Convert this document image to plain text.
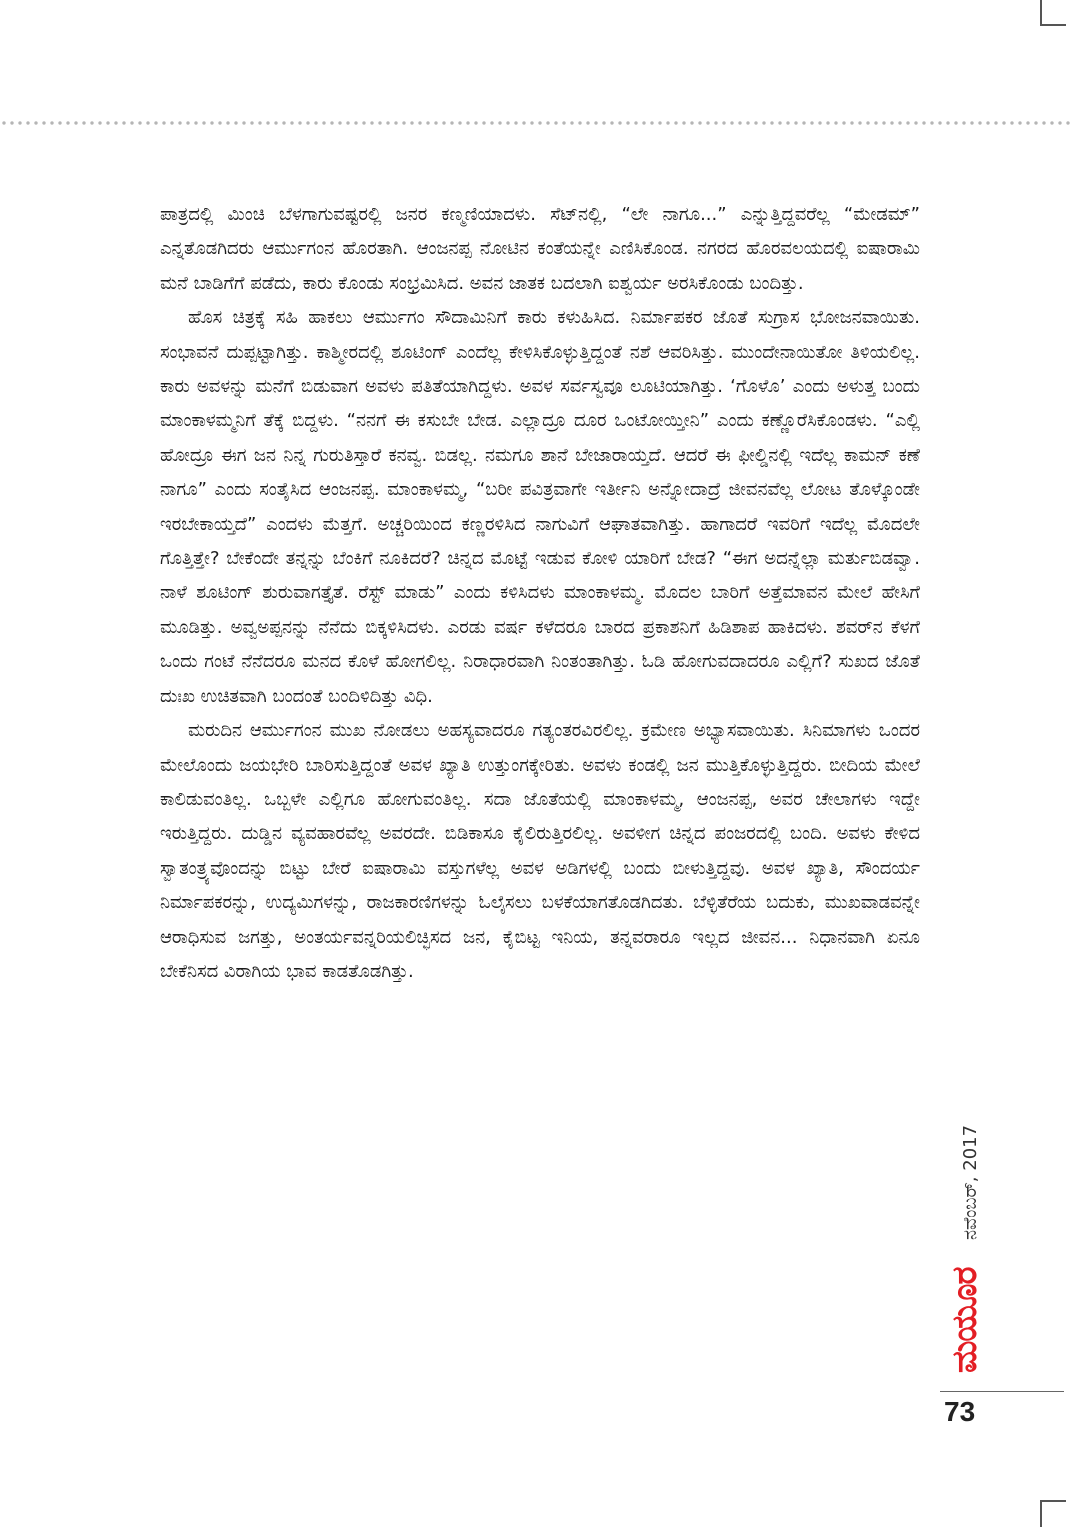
ಪಾತ್ರದಲ್ಲಿ ಮಿಂಚಿ ಬೆಳಗಾಗುವಷ್ಟರಲ್ಲಿ ಜನರ ಕಣ್ಮಣಿಯಾದಳು. ಸೆಟ್‌ನಲ್ಲಿ, “ಲೇ ನಾಗೂ...” ಎನ್ನುತ್ತಿದ್ದವರೆಲ್ಲ “ಮೇಡಮ್” ಎನ್ನತೊಡಗಿದರು ಆರ್ಮುಗಂನ ಹೊರತಾಗಿ. ಆಂಜನಪ್ಪ ನೋಟಿನ ಕಂತೆಯನ್ನೇ ಎಣಿಸಿಕೊಂಡ. ನಗರದ ಹೊರವಲಯದಲ್ಲಿ ಐಷಾರಾಮಿ ಮನೆ ಬಾಡಿಗೆಗೆ ಪಡೆದು, ಕಾರು ಕೊಂಡು ಸಂಭ್ರಮಿಸಿದ. ಅವನ ಜಾತಕ ಬದಲಾಗಿ ಐಶ್ವರ್ಯ ಅರಸಿಕೊಂಡು ಬಂದಿತ್ತು.

ಹೊಸ ಚಿತ್ರಕ್ಕೆ ಸಹಿ ಹಾಕಲು ಆರ್ಮುಗಂ ಸೌದಾಮಿನಿಗೆ ಕಾರು ಕಳುಹಿಸಿದ. ನಿರ್ಮಾಪಕರ ಜೊತೆ ಸುಗ್ರಾಸ ಭೋಜನವಾಯಿತು. ಸಂಭಾವನೆ ದುಪ್ಪಟ್ಟಾಗಿತ್ತು. ಕಾಶ್ಮೀರದಲ್ಲಿ ಶೂಟಿಂಗ್ ಎಂದೆಲ್ಲ ಕೇಳಿಸಿಕೊಳ್ಳುತ್ತಿದ್ದಂತೆ ನಶೆ ಆವರಿಸಿತ್ತು. ಮುಂದೇನಾಯಿತೋ ತಿಳಿಯಲಿಲ್ಲ. ಕಾರು ಅವಳನ್ನು ಮನೆಗೆ ಬಿಡುವಾಗ ಅವಳು ಪತಿತೆಯಾಗಿದ್ದಳು. ಅವಳ ಸರ್ವಸ್ವವೂ ಲೂಟಿಯಾಗಿತ್ತು. ‘ಗೊಳೊ’ ಎಂದು ಅಳುತ್ತ ಬಂದು ಮಾಂಕಾಳಮ್ಮನಿಗೆ ತೆಕ್ಕೆ ಬಿದ್ದಳು. “ನನಗೆ ಈ ಕಸುಬೇ ಬೇಡ. ಎಲ್ಲಾದ್ರೂ ದೂರ ಒಂಟೋಯ್ತೀನಿ” ಎಂದು ಕಣ್ಣೊರೆಸಿಕೊಂಡಳು. “ಎಲ್ಲಿ ಹೋದ್ರೂ ಈಗ ಜನ ನಿನ್ನ ಗುರುತಿಸ್ತಾರೆ ಕನವ್ವ. ಬಿಡಲ್ಲ. ನಮಗೂ ಶಾನೆ ಬೇಜಾರಾಯ್ತದೆ. ಆದರೆ ಈ ಫೀಲ್ಡಿನಲ್ಲಿ ಇದೆಲ್ಲ ಕಾಮನ್ ಕಣೆ ನಾಗೂ” ಎಂದು ಸಂತೈಸಿದ ಆಂಜನಪ್ಪ. ಮಾಂಕಾಳಮ್ಮ, “ಬರೀ ಪವಿತ್ರವಾಗೇ ಇರ್ತೀನಿ ಅನ್ನೋದಾದ್ರೆ ಜೀವನವೆಲ್ಲ ಲೋಟ ತೊಳ್ಕೊಂಡೇ ಇರಬೇಕಾಯ್ತದೆ” ಎಂದಳು ಮೆತ್ತಗೆ. ಅಚ್ಚರಿಯಿಂದ ಕಣ್ಣರಳಿಸಿದ ನಾಗುವಿಗೆ ಆಘಾತವಾಗಿತ್ತು. ಹಾಗಾದರೆ ಇವರಿಗೆ ಇದೆಲ್ಲ ಮೊದಲೇ ಗೊತ್ತಿತ್ತೇ? ಬೇಕೆಂದೇ ತನ್ನನ್ನು ಬೆಂಕಿಗೆ ನೂಕಿದರೆ? ಚಿನ್ನದ ಮೊಟ್ಟೆ ಇಡುವ ಕೋಳಿ ಯಾರಿಗೆ ಬೇಡ? “ಈಗ ಅದನ್ನೆಲ್ಲಾ ಮರ್ತುಬಿಡವ್ವಾ. ನಾಳೆ ಶೂಟಿಂಗ್ ಶುರುವಾಗತ್ತೈತೆ. ರೆಸ್ಟ್ ಮಾಡು” ಎಂದು ಕಳಿಸಿದಳು ಮಾಂಕಾಳಮ್ಮ. ಮೊದಲ ಬಾರಿಗೆ ಅತ್ತೆಮಾವನ ಮೇಲೆ ಹೇಸಿಗೆ ಮೂಡಿತ್ತು. ಅವ್ವಅಪ್ಪನನ್ನು ನೆನೆದು ಬಿಕ್ಕಳಿಸಿದಳು. ಎರಡು ವರ್ಷ ಕಳೆದರೂ ಬಾರದ ಪ್ರಕಾಶನಿಗೆ ಹಿಡಿಶಾಪ ಹಾಕಿದಳು. ಶವರ್‌ನ ಕೆಳಗೆ ಒಂದು ಗಂಟೆ ನೆನೆದರೂ ಮನದ ಕೊಳೆ ಹೋಗಲಿಲ್ಲ. ನಿರಾಧಾರವಾಗಿ ನಿಂತಂತಾಗಿತ್ತು. ಓಡಿ ಹೋಗುವದಾದರೂ ಎಲ್ಲಿಗೆ? ಸುಖದ ಜೊತೆ ದುಃಖ ಉಚಿತವಾಗಿ ಬಂದಂತೆ ಬಂದಿಳಿದಿತ್ತು ವಿಧಿ.

ಮರುದಿನ ಆರ್ಮುಗಂನ ಮುಖ ನೋಡಲು ಅಹಸ್ಯವಾದರೂ ಗತ್ಯಂತರವಿರಲಿಲ್ಲ. ಕ್ರಮೇಣ ಅಭ್ಯಾಸವಾಯಿತು. ಸಿನಿಮಾಗಳು ಒಂದರ ಮೇಲೊಂದು ಜಯಭೇರಿ ಬಾರಿಸುತ್ತಿದ್ದಂತೆ ಅವಳ ಖ್ಯಾತಿ ಉತ್ತುಂಗಕ್ಕೇರಿತು. ಅವಳು ಕಂಡಲ್ಲಿ ಜನ ಮುತ್ತಿಕೊಳ್ಳುತ್ತಿದ್ದರು. ಬೀದಿಯ ಮೇಲೆ ಕಾಲಿಡುವಂತಿಲ್ಲ. ಒಬ್ಬಳೇ ಎಲ್ಲಿಗೂ ಹೋಗುವಂತಿಲ್ಲ. ಸದಾ ಜೊತೆಯಲ್ಲಿ ಮಾಂಕಾಳಮ್ಮ, ಆಂಜನಪ್ಪ, ಅವರ ಚೇಲಾಗಳು ಇದ್ದೇ ಇರುತ್ತಿದ್ದರು. ದುಡ್ಡಿನ ವ್ಯವಹಾರವೆಲ್ಲ ಅವರದೇ. ಬಿಡಿಕಾಸೂ ಕೈಲಿರುತ್ತಿರಲಿಲ್ಲ. ಅವಳೀಗ ಚಿನ್ನದ ಪಂಜರದಲ್ಲಿ ಬಂದಿ. ಅವಳು ಕೇಳಿದ ಸ್ವಾತಂತ್ರ್ಯವೊಂದನ್ನು ಬಿಟ್ಟು ಬೇರೆ ಐಷಾರಾಮಿ ವಸ್ತುಗಳೆಲ್ಲ ಅವಳ ಅಡಿಗಳಲ್ಲಿ ಬಂದು ಬೀಳುತ್ತಿದ್ದವು. ಅವಳ ಖ್ಯಾತಿ, ಸೌಂದರ್ಯ ನಿರ್ಮಾಪಕರನ್ನು, ಉದ್ಯಮಿಗಳನ್ನು, ರಾಜಕಾರಣಿಗಳನ್ನು ಓಲೈಸಲು ಬಳಕೆಯಾಗತೊಡಗಿದತು. ಬೆಳ್ಳಿತೆರೆಯ ಬದುಕು, ಮುಖವಾಡವನ್ನೇ ಆರಾಧಿಸುವ ಜಗತ್ತು, ಅಂತರ್ಯವನ್ನರಿಯಲಿಚ್ಛಿಸದ ಜನ, ಕೈಬಿಟ್ಟ ಇನಿಯ, ತನ್ನವರಾರೂ ಇಲ್ಲದ ಜೀವನ... ನಿಧಾನವಾಗಿ ಏನೂ ಬೇಕೆನಿಸದ ವಿರಾಗಿಯ ಭಾವ ಕಾಡತೊಡಗಿತ್ತು.

ನವೆಂಬರ್, 2017
ಮಯೂರ
73
